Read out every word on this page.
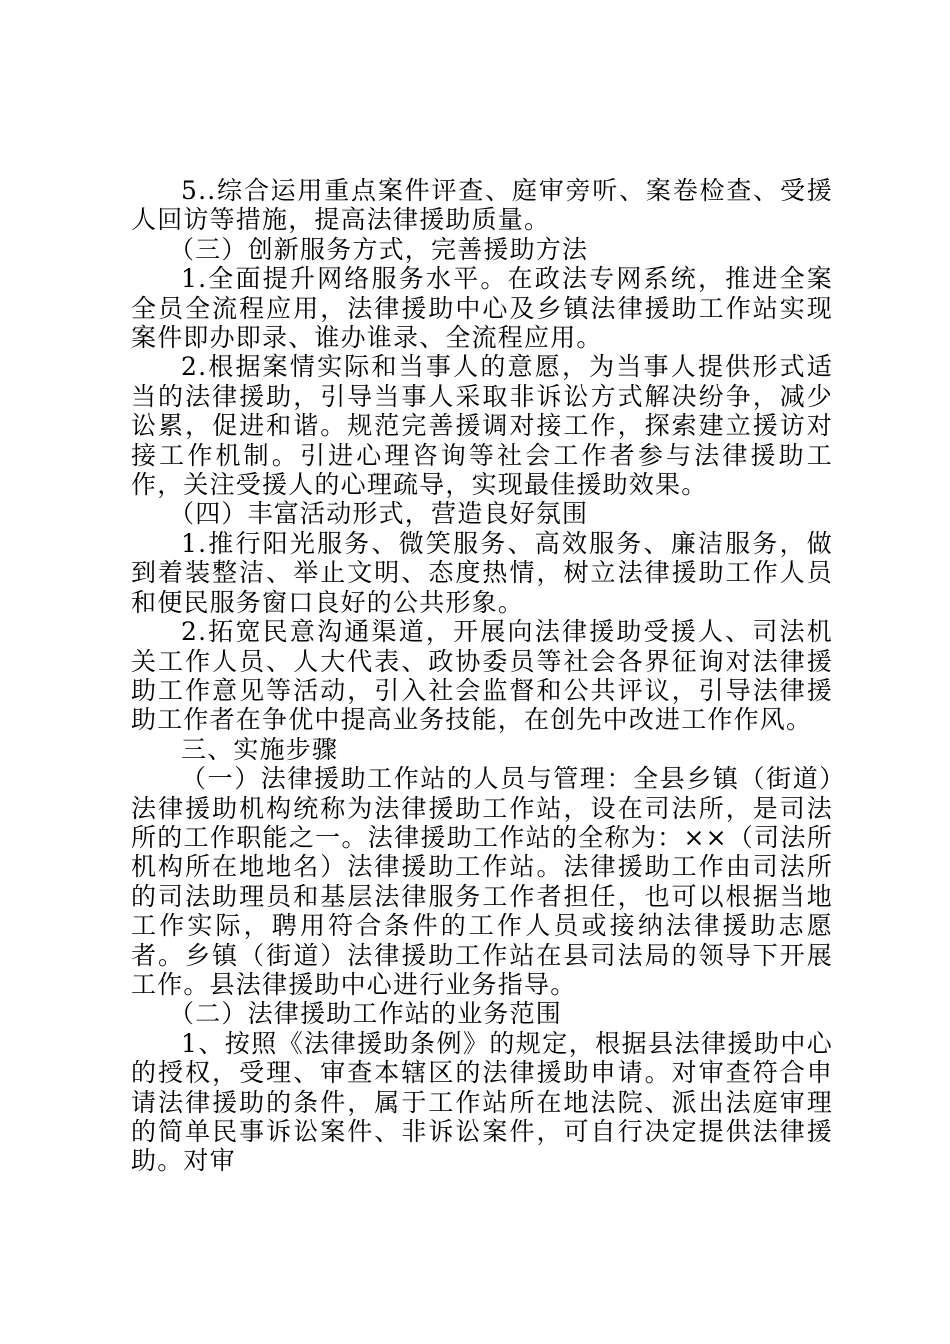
5..综合运用重点案件评查、庭审旁听、案卷检查、受援人回访等措施，提高法律援助质量。

（三）创新服务方式，完善援助方法

1.全面提升网络服务水平。在政法专网系统，推进全案全员全流程应用，法律援助中心及乡镇法律援助工作站实现案件即办即录、谁办谁录、全流程应用。

2.根据案情实际和当事人的意愿，为当事人提供形式适当的法律援助，引导当事人采取非诉讼方式解决纷争，减少讼累，促进和谐。规范完善援调对接工作，探索建立援访对接工作机制。引进心理咨询等社会工作者参与法律援助工作，关注受援人的心理疏导，实现最佳援助效果。

（四）丰富活动形式，营造良好氛围

1.推行阳光服务、微笑服务、高效服务、廉洁服务，做到着装整洁、举止文明、态度热情，树立法律援助工作人员和便民服务窗口良好的公共形象。

2.拓宽民意沟通渠道，开展向法律援助受援人、司法机关工作人员、人大代表、政协委员等社会各界征询对法律援助工作意见等活动，引入社会监督和公共评议，引导法律援助工作者在争优中提高业务技能，在创先中改进工作作风。

三、实施步骤

（一）法律援助工作站的人员与管理：全县乡镇（街道）法律援助机构统称为法律援助工作站，设在司法所，是司法所的工作职能之一。法律援助工作站的全称为：××（司法所机构所在地地名）法律援助工作站。法律援助工作由司法所的司法助理员和基层法律服务工作者担任，也可以根据当地工作实际，聘用符合条件的工作人员或接纳法律援助志愿者。乡镇（街道）法律援助工作站在县司法局的领导下开展工作。县法律援助中心进行业务指导。

（二）法律援助工作站的业务范围

1、按照《法律援助条例》的规定，根据县法律援助中心的授权，受理、审查本辖区的法律援助申请。对审查符合申请法律援助的条件，属于工作站所在地法院、派出法庭审理的简单民事诉讼案件、非诉讼案件，可自行决定提供法律援助。对审
